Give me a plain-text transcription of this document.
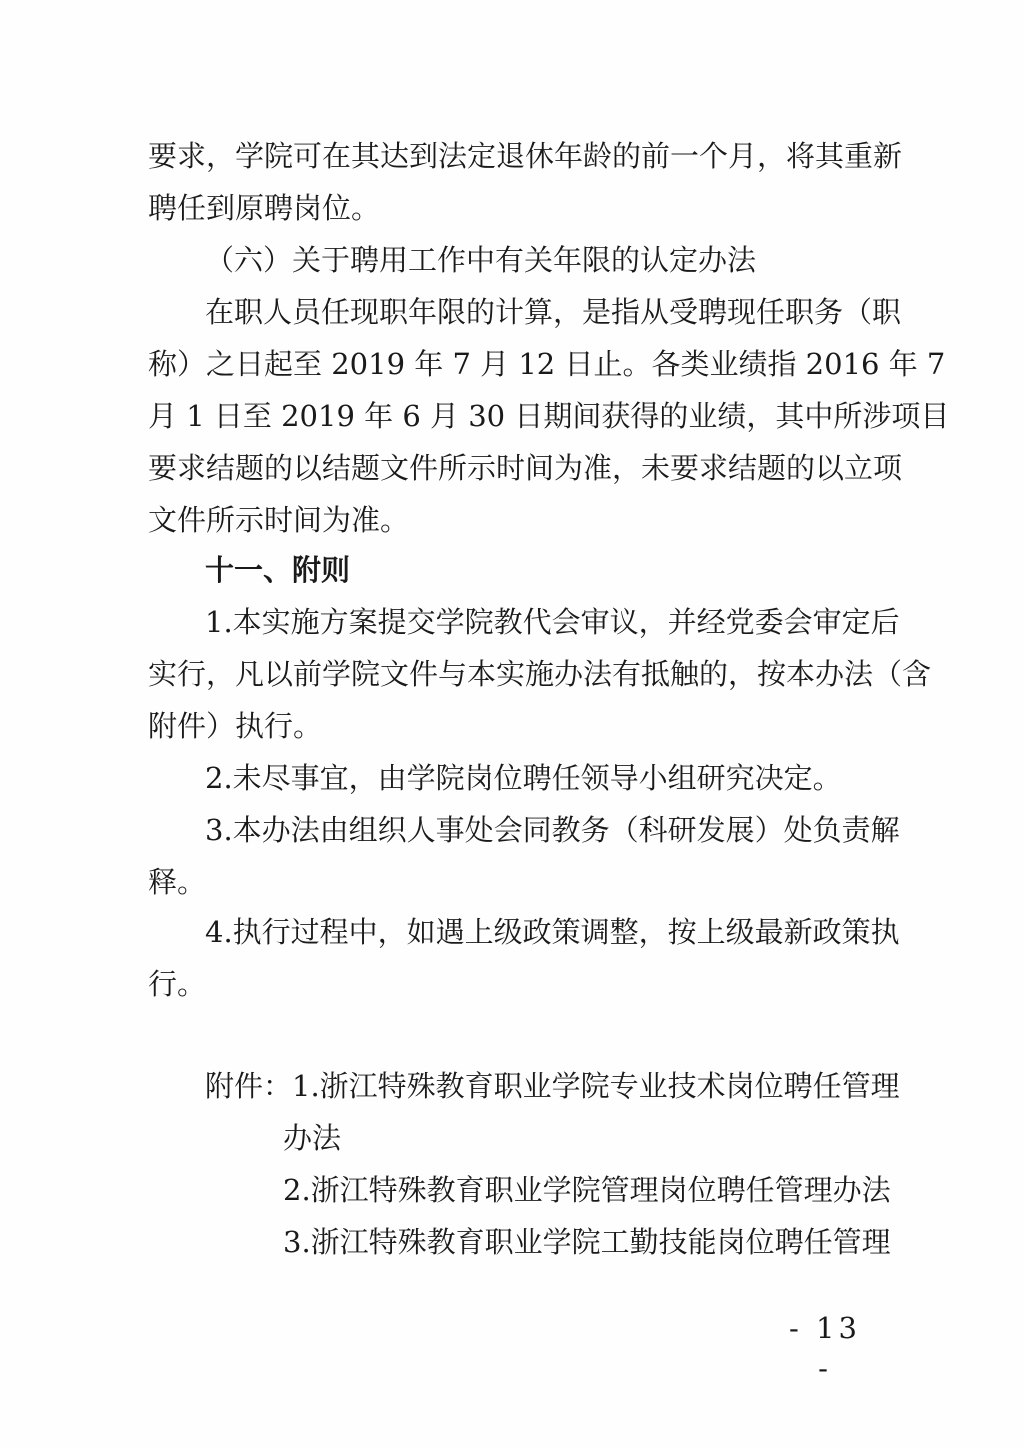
要求，学院可在其达到法定退休年龄的前一个月，将其重新
聘任到原聘岗位。
（六）关于聘用工作中有关年限的认定办法
在职人员任现职年限的计算，是指从受聘现任职务（职
称）之日起至 2019 年 7 月 12 日止。各类业绩指 2016 年 7
月 1 日至 2019 年 6 月 30 日期间获得的业绩，其中所涉项目
要求结题的以结题文件所示时间为准，未要求结题的以立项
文件所示时间为准。
十一、附则
1.本实施方案提交学院教代会审议，并经党委会审定后
实行，凡以前学院文件与本实施办法有抵触的，按本办法（含
附件）执行。
2.未尽事宜，由学院岗位聘任领导小组研究决定。
3.本办法由组织人事处会同教务（科研发展）处负责解
释。
4.执行过程中，如遇上级政策调整，按上级最新政策执
行。
附件：1.浙江特殊教育职业学院专业技术岗位聘任管理
办法
2.浙江特殊教育职业学院管理岗位聘任管理办法
3.浙江特殊教育职业学院工勤技能岗位聘任管理
- 13 -
